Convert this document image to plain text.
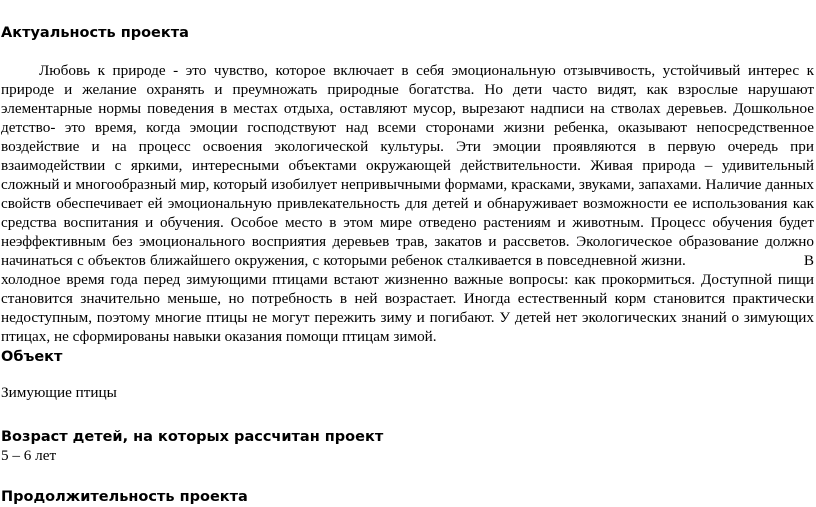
Актуальность проекта

Любовь к природе - это чувство, которое включает в себя эмоциональную отзывчивость, устойчивый интерес к природе и желание охранять и преумножать природные богатства. Но дети часто видят, как взрослые нарушают элементарные нормы поведения в местах отдыха, оставляют мусор, вырезают надписи на стволах деревьев. Дошкольное детство- это время, когда эмоции господствуют над всеми сторонами жизни ребенка, оказывают непосредственное воздействие и на процесс освоения экологической культуры. Эти эмоции проявляются в первую очередь при взаимодействии с яркими, интересными объектами окружающей действительности. Живая природа – удивительный сложный и многообразный мир, который изобилует непривычными формами, красками, звуками, запахами. Наличие данных свойств обеспечивает ей эмоциональную привлекательность для детей и обнаруживает возможности ее использования как средства воспитания и обучения. Особое место в этом мире отведено растениям и животным. Процесс обучения будет неэффективным без эмоционального восприятия деревьев трав, закатов и рассветов. Экологическое образование должно начинаться с объектов ближайшего окружения, с которыми ребенок сталкивается в повседневной жизни.	В холодное время года перед зимующими птицами встают жизненно важные вопросы: как прокормиться. Доступной пищи становится значительно меньше, но потребность в ней возрастает. Иногда естественный корм становится практически недоступным, поэтому многие птицы не могут пережить зиму и погибают. У детей нет экологических знаний о зимующих птицах, не сформированы навыки оказания помощи птицам зимой.

Объект

Зимующие птицы

Возраст детей, на которых рассчитан проект

5 – 6 лет

Продолжительность проекта
